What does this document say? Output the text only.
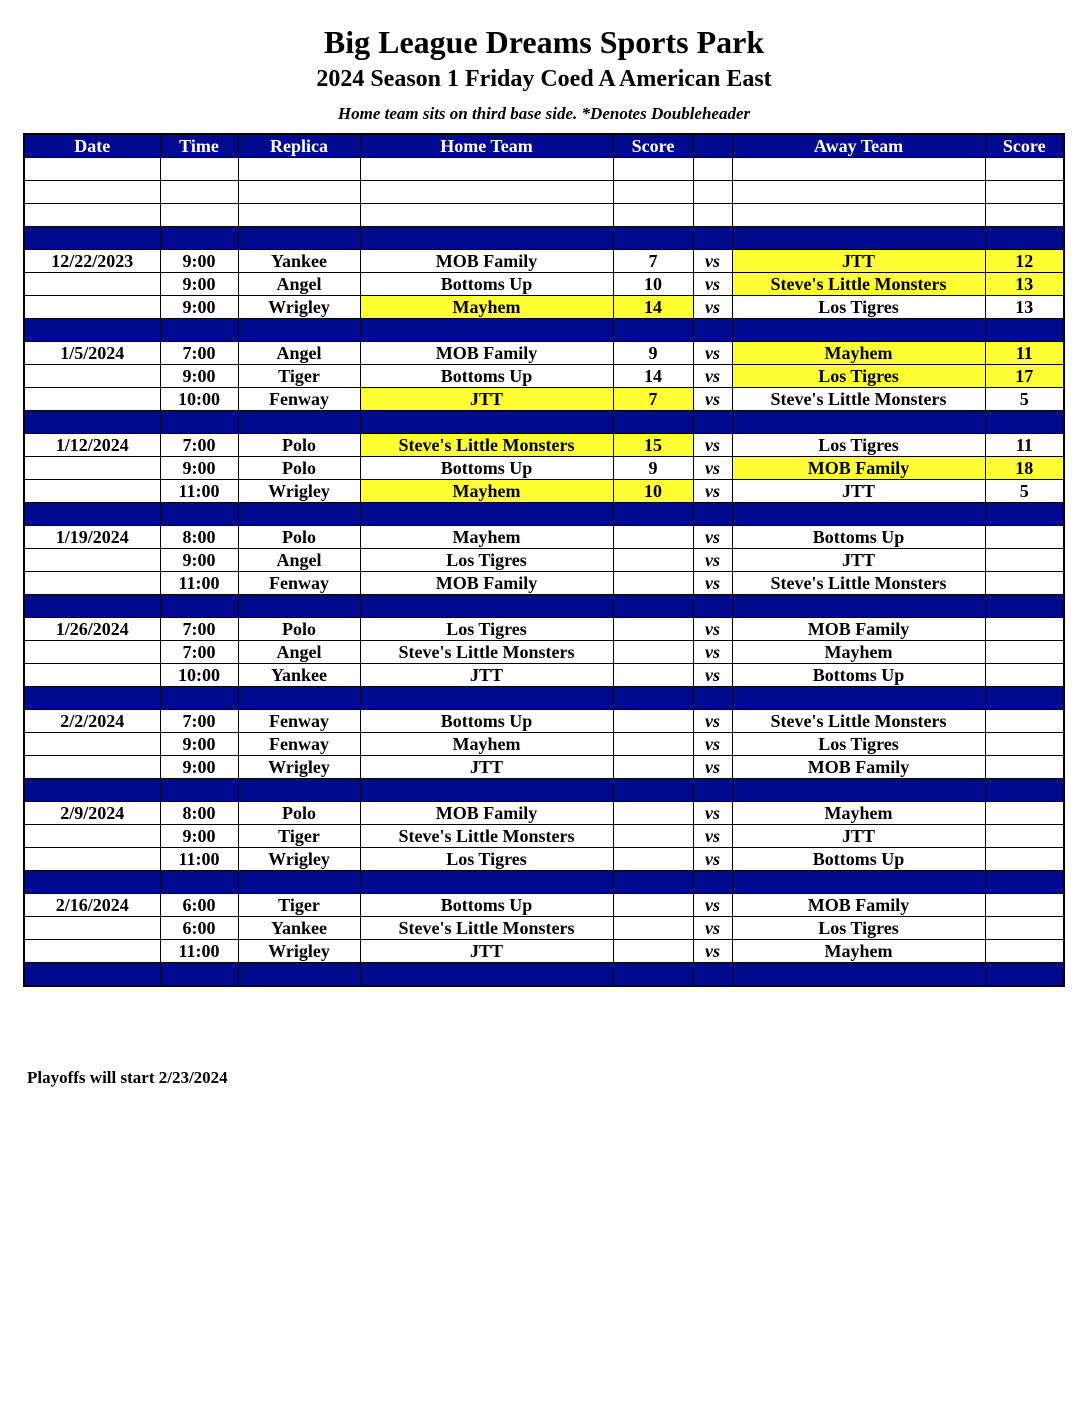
Big League Dreams Sports Park
2024 Season 1 Friday Coed A American East
Home team sits on third base side. *Denotes Doubleheader
Date	Time	Replica	Home Team	Score		Away Team	Score

12/22/2023	9:00	Yankee	MOB Family	7	vs	JTT	12
	9:00	Angel	Bottoms Up	10	vs	Steve's Little Monsters	13
	9:00	Wrigley	Mayhem	14	vs	Los Tigres	13

1/5/2024	7:00	Angel	MOB Family	9	vs	Mayhem	11
	9:00	Tiger	Bottoms Up	14	vs	Los Tigres	17
	10:00	Fenway	JTT	7	vs	Steve's Little Monsters	5

1/12/2024	7:00	Polo	Steve's Little Monsters	15	vs	Los Tigres	11
	9:00	Polo	Bottoms Up	9	vs	MOB Family	18
	11:00	Wrigley	Mayhem	10	vs	JTT	5

1/19/2024	8:00	Polo	Mayhem		vs	Bottoms Up	
	9:00	Angel	Los Tigres		vs	JTT	
	11:00	Fenway	MOB Family		vs	Steve's Little Monsters	

1/26/2024	7:00	Polo	Los Tigres		vs	MOB Family	
	7:00	Angel	Steve's Little Monsters		vs	Mayhem	
	10:00	Yankee	JTT		vs	Bottoms Up	

2/2/2024	7:00	Fenway	Bottoms Up		vs	Steve's Little Monsters	
	9:00	Fenway	Mayhem		vs	Los Tigres	
	9:00	Wrigley	JTT		vs	MOB Family	

2/9/2024	8:00	Polo	MOB Family		vs	Mayhem	
	9:00	Tiger	Steve's Little Monsters		vs	JTT	
	11:00	Wrigley	Los Tigres		vs	Bottoms Up	

2/16/2024	6:00	Tiger	Bottoms Up		vs	MOB Family	
	6:00	Yankee	Steve's Little Monsters		vs	Los Tigres	
	11:00	Wrigley	JTT		vs	Mayhem	

Playoffs will start 2/23/2024
